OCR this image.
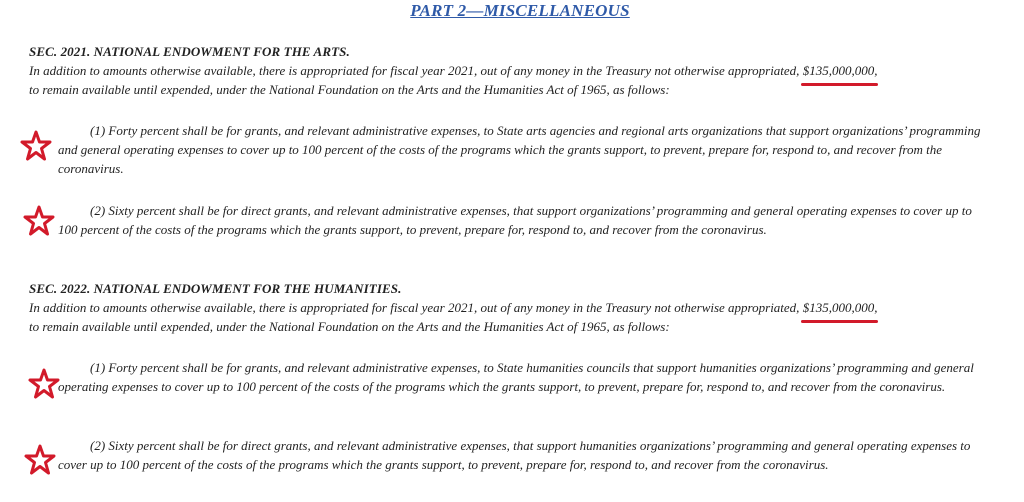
PART 2—MISCELLANEOUS
SEC. 2021. NATIONAL ENDOWMENT FOR THE ARTS.
In addition to amounts otherwise available, there is appropriated for fiscal year 2021, out of any money in the Treasury not otherwise appropriated, $135,000,000
,
to remain available until expended, under the National Foundation on the Arts and the Humanities Act of 1965, as follows:
(1) Forty percent shall be for grants, and relevant administrative expenses, to State arts agencies and regional arts organizations that support organizations’ programming and general operating expenses to cover up to 100 percent of the costs of the programs which the grants support, to prevent, prepare for, respond to, and recover from the coronavirus.
(2) Sixty percent shall be for direct grants, and relevant administrative expenses, that support organizations’ programming and general operating expenses to cover up to 100 percent of the costs of the programs which the grants support, to prevent, prepare for, respond to, and recover from the coronavirus.
SEC. 2022. NATIONAL ENDOWMENT FOR THE HUMANITIES.
In addition to amounts otherwise available, there is appropriated for fiscal year 2021, out of any money in the Treasury not otherwise appropriated, $135,000,000
,
to remain available until expended, under the National Foundation on the Arts and the Humanities Act of 1965, as follows:
(1) Forty percent shall be for grants, and relevant administrative expenses, to State humanities councils that support humanities organizations’ programming and general operating expenses to cover up to 100 percent of the costs of the programs which the grants support, to prevent, prepare for, respond to, and recover from the coronavirus.
(2) Sixty percent shall be for direct grants, and relevant administrative expenses, that support humanities organizations’ programming and general operating expenses to cover up to 100 percent of the costs of the programs which the grants support, to prevent, prepare for, respond to, and recover from the coronavirus.
